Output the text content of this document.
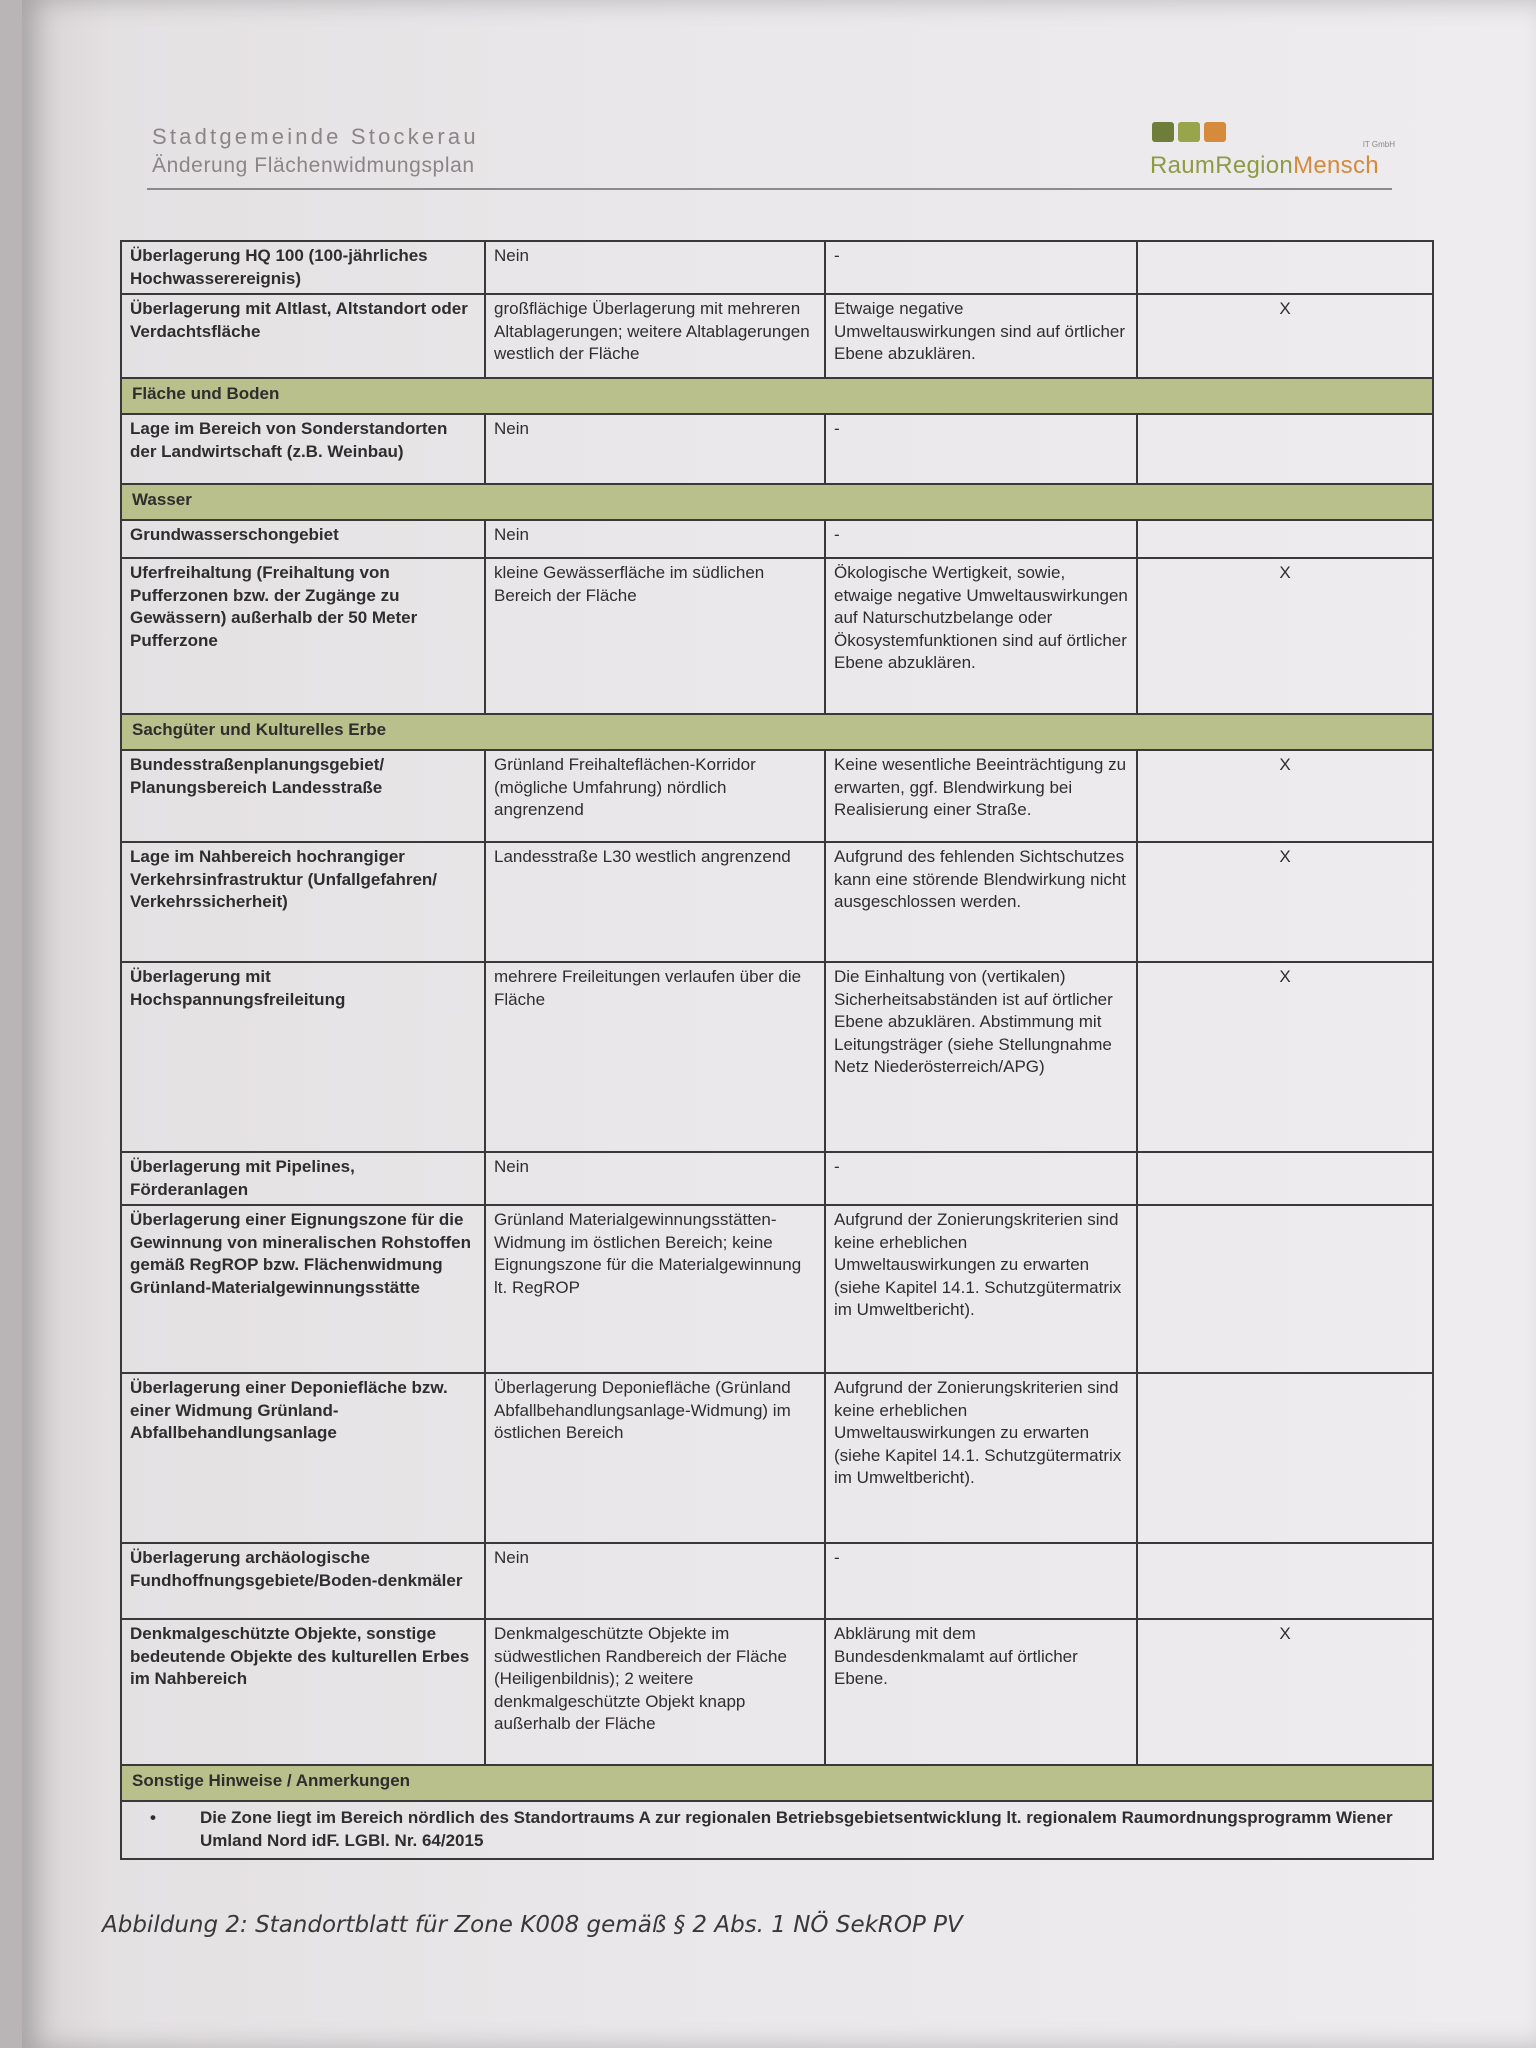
Stadtgemeinde Stockerau
Änderung Flächenwidmungsplan
IT GmbH
RaumRegionMensch
Überlagerung HQ 100 (100-jährliches Hochwasserereignis)	Nein	-	
Überlagerung mit Altlast, Altstandort oder Verdachtsfläche	großflächige Überlagerung mit mehreren Altablagerungen; weitere Altablagerungen westlich der Fläche	Etwaige negative Umweltauswirkungen sind auf örtlicher Ebene abzuklären.	X
Fläche und Boden			
Lage im Bereich von Sonderstandorten der Landwirtschaft (z.B. Weinbau)	Nein	-	
Wasser			
Grundwasserschongebiet	Nein	-	
Uferfreihaltung (Freihaltung von Pufferzonen bzw. der Zugänge zu Gewässern) außerhalb der 50 Meter Pufferzone	kleine Gewässerfläche im südlichen Bereich der Fläche	Ökologische Wertigkeit, sowie, etwaige negative Umweltauswirkungen auf Naturschutzbelange oder Ökosystemfunktionen sind auf örtlicher Ebene abzuklären.	X
Sachgüter und Kulturelles Erbe			
Bundesstraßenplanungsgebiet/ Planungsbereich Landesstraße	Grünland Freihalteflächen-Korridor (mögliche Umfahrung) nördlich angrenzend	Keine wesentliche Beeinträchtigung zu erwarten, ggf. Blendwirkung bei Realisierung einer Straße.	X
Lage im Nahbereich hochrangiger Verkehrsinfrastruktur (Unfallgefahren/ Verkehrssicherheit)	Landesstraße L30 westlich angrenzend	Aufgrund des fehlenden Sichtschutzes kann eine störende Blendwirkung nicht ausgeschlossen werden.	X
Überlagerung mit Hochspannungsfreileitung	mehrere Freileitungen verlaufen über die Fläche	Die Einhaltung von (vertikalen) Sicherheitsabständen ist auf örtlicher Ebene abzuklären. Abstimmung mit Leitungsträger (siehe Stellungnahme Netz Niederösterreich/APG)	X
Überlagerung mit Pipelines, Förderanlagen	Nein	-	
Überlagerung einer Eignungszone für die Gewinnung von mineralischen Rohstoffen gemäß RegROP bzw. Flächenwidmung Grünland-Materialgewinnungsstätte	Grünland Materialgewinnungsstätten-Widmung im östlichen Bereich; keine Eignungszone für die Materialgewinnung lt. RegROP	Aufgrund der Zonierungskriterien sind keine erheblichen Umweltauswirkungen zu erwarten (siehe Kapitel 14.1. Schutzgütermatrix im Umweltbericht).	
Überlagerung einer Deponiefläche bzw. einer Widmung Grünland-Abfallbehandlungsanlage	Überlagerung Deponiefläche (Grünland Abfallbehandlungsanlage-Widmung) im östlichen Bereich	Aufgrund der Zonierungskriterien sind keine erheblichen Umweltauswirkungen zu erwarten (siehe Kapitel 14.1. Schutzgütermatrix im Umweltbericht).	
Überlagerung archäologische Fundhoffnungsgebiete/Boden-denkmäler	Nein	-	
Denkmalgeschützte Objekte, sonstige bedeutende Objekte des kulturellen Erbes im Nahbereich	Denkmalgeschützte Objekte im südwestlichen Randbereich der Fläche (Heiligenbildnis); 2 weitere denkmalgeschützte Objekt knapp außerhalb der Fläche	Abklärung mit dem Bundesdenkmalamt auf örtlicher Ebene.	X
Sonstige Hinweise / Anmerkungen			

• Die Zone liegt im Bereich nördlich des Standortraums A zur regionalen Betriebsgebietsentwicklung lt. regionalem Raumordnungsprogramm Wiener Umland Nord idF. LGBl. Nr. 64/2015			
Abbildung 2: Standortblatt für Zone K008 gemäß § 2 Abs. 1 NÖ SekROP PV
